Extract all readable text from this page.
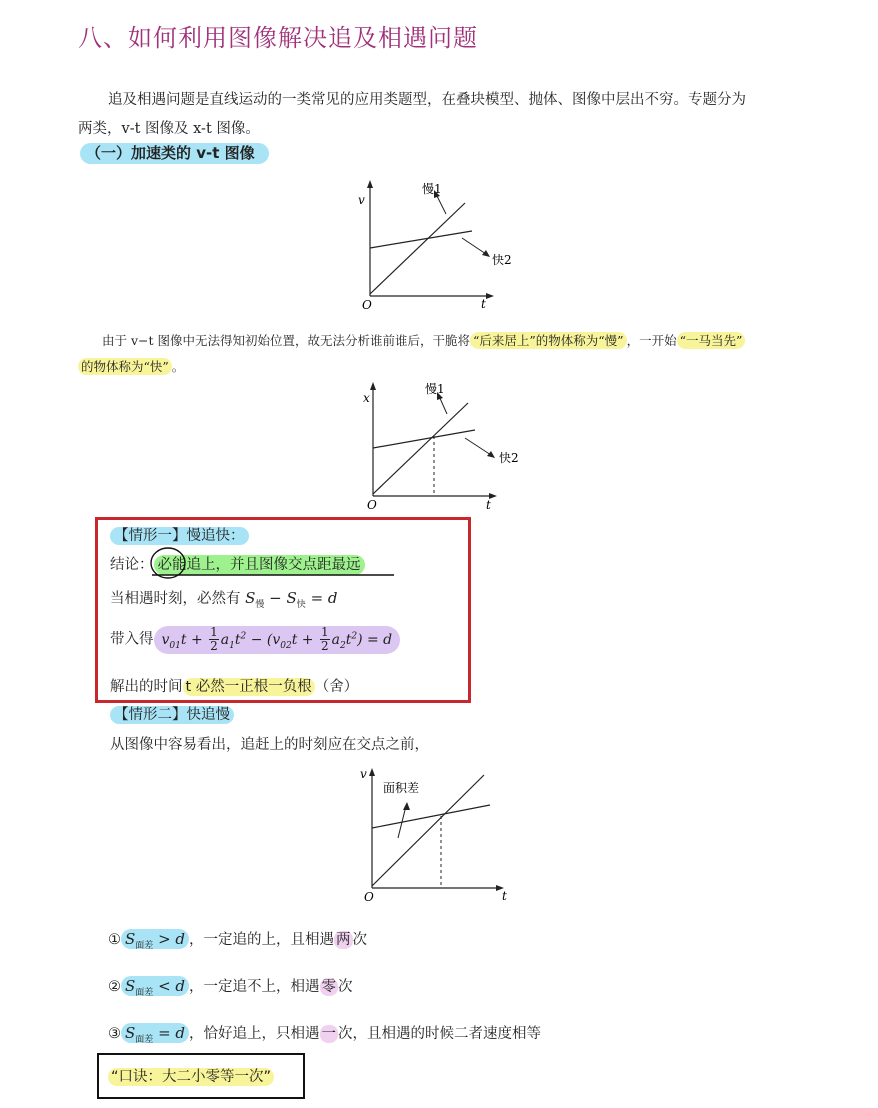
八、如何利用图像解决追及相遇问题
追及相遇问题是直线运动的一类常见的应用类题型，在叠块模型、抛体、图像中层出不穷。专题分为
两类，v-t 图像及 x-t 图像。
（一）加速类的 v-t 图像
v
O	t
慢1
快2
由于 v−t 图像中无法得知初始位置，故无法分析谁前谁后，干脆将 “后来居上”的物体称为“慢” ，一开始 “一马当先”
的物体称为“快” 。
x
O	t
慢1
快2
【情形一】慢追快：
结论： 必能追上，并且图像交点距最远
当相遇时刻，必然有 $S_慢 - S_快 = d$
带入得 $v_{01}t + \frac{1}{2} a_1t^2 - (v_{02}t + \frac{1}{2} a_2t^2) = d$
解出的时间 t 必然一正根一负根 （舍）
【情形二】快追慢
从图像中容易看出，追赶上的时刻应在交点之前，
v
O	t
面积差
① $S_{面差} > d$ ，一定追的上，且相遇 两 次
② $S_{面差} < d$ ，一定追不上，相遇 零 次
③ $S_{面差} = d$ ，恰好追上，只相遇 一 次，且相遇的时候二者速度相等
“口诀：大二小零等一次”
